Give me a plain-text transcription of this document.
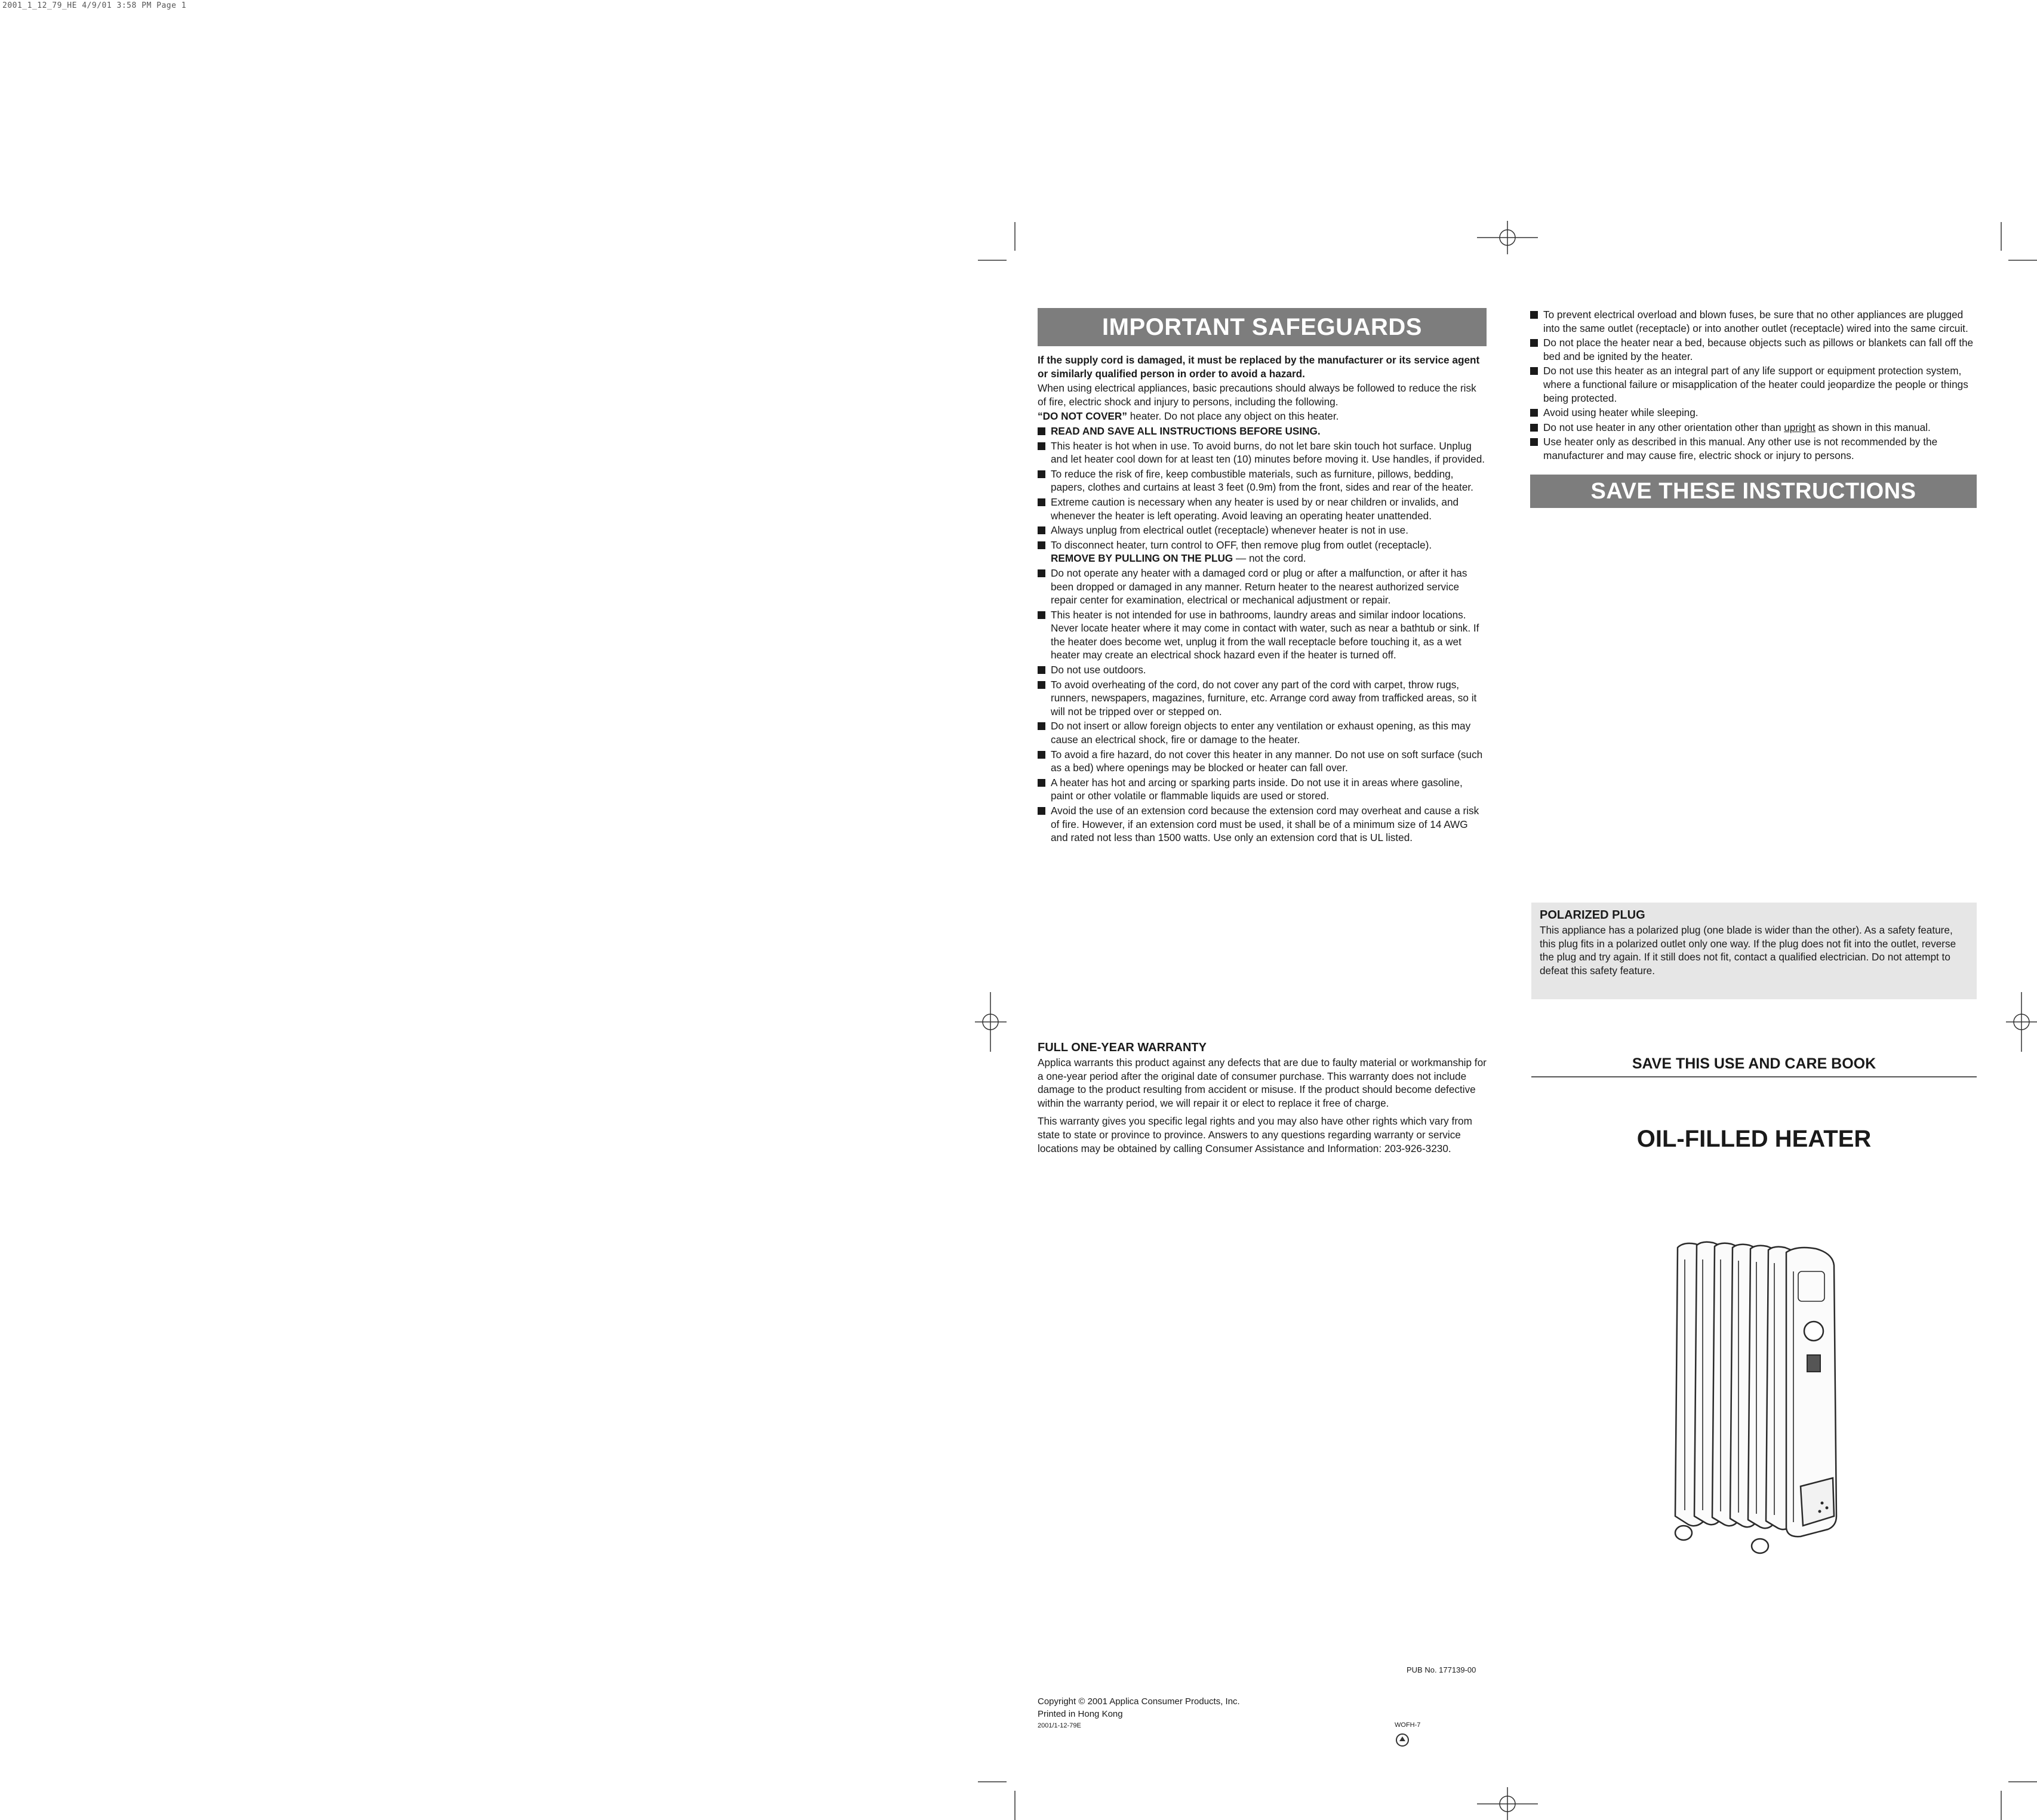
2001_1_12_79_HE 4/9/01 3:58 PM Page 1
IMPORTANT SAFEGUARDS

If the supply cord is damaged, it must be replaced by the manufacturer or its service agent or similarly qualified person in order to avoid a hazard.

When using electrical appliances, basic precautions should always be followed to reduce the risk of fire, electric shock and injury to persons, including the following.

“DO NOT COVER” heater. Do not place any object on this heater.

READ AND SAVE ALL INSTRUCTIONS BEFORE USING.
This heater is hot when in use. To avoid burns, do not let bare skin touch hot surface. Unplug and let heater cool down for at least ten (10) minutes before moving it. Use handles, if provided.
To reduce the risk of fire, keep combustible materials, such as furniture, pillows, bedding, papers, clothes and curtains at least 3 feet (0.9m) from the front, sides and rear of the heater.
Extreme caution is necessary when any heater is used by or near children or invalids, and whenever the heater is left operating. Avoid leaving an operating heater unattended.
Always unplug from electrical outlet (receptacle) whenever heater is not in use.
To disconnect heater, turn control to OFF, then remove plug from outlet (receptacle).
REMOVE BY PULLING ON THE PLUG — not the cord.
Do not operate any heater with a damaged cord or plug or after a malfunction, or after it has been dropped or damaged in any manner. Return heater to the nearest authorized service repair center for examination, electrical or mechanical adjustment or repair.
This heater is not intended for use in bathrooms, laundry areas and similar indoor locations. Never locate heater where it may come in contact with water, such as near a bathtub or sink. If the heater does become wet, unplug it from the wall receptacle before touching it, as a wet heater may create an electrical shock hazard even if the heater is turned off.
Do not use outdoors.
To avoid overheating of the cord, do not cover any part of the cord with carpet, throw rugs, runners, newspapers, magazines, furniture, etc. Arrange cord away from trafficked areas, so it will not be tripped over or stepped on.
Do not insert or allow foreign objects to enter any ventilation or exhaust opening, as this may cause an electrical shock, fire or damage to the heater.
To avoid a fire hazard, do not cover this heater in any manner. Do not use on soft surface (such as a bed) where openings may be blocked or heater can fall over.
A heater has hot and arcing or sparking parts inside. Do not use it in areas where gasoline, paint or other volatile or flammable liquids are used or stored.
Avoid the use of an extension cord because the extension cord may overheat and cause a risk of fire. However, if an extension cord must be used, it shall be of a minimum size of 14 AWG and rated not less than 1500 watts. Use only an extension cord that is UL listed.
To prevent electrical overload and blown fuses, be sure that no other appliances are plugged into the same outlet (receptacle) or into another outlet (receptacle) wired into the same circuit.
Do not place the heater near a bed, because objects such as pillows or blankets can fall off the bed and be ignited by the heater.
Do not use this heater as an integral part of any life support or equipment protection system, where a functional failure or misapplication of the heater could jeopardize the people or things being protected.
Avoid using heater while sleeping.
Do not use heater in any other orientation other than upright as shown in this manual.
Use heater only as described in this manual. Any other use is not recommended by the manufacturer and may cause fire, electric shock or injury to persons.
SAVE THESE INSTRUCTIONS
POLARIZED PLUG
This appliance has a polarized plug (one blade is wider than the other). As a safety feature, this plug fits in a polarized outlet only one way. If the plug does not fit into the outlet, reverse the plug and try again. If it still does not fit, contact a qualified electrician. Do not attempt to defeat this safety feature.
SAVE THIS USE AND CARE BOOK
OIL-FILLED HEATER
FULL ONE-YEAR WARRANTY

Applica warrants this product against any defects that are due to faulty material or workmanship for a one-year period after the original date of consumer purchase. This warranty does not include damage to the product resulting from accident or misuse. If the product should become defective within the warranty period, we will repair it or elect to replace it free of charge.

This warranty gives you specific legal rights and you may also have other rights which vary from state to state or province to province. Answers to any questions regarding warranty or service locations may be obtained by calling Consumer Assistance and Information: 203-926-3230.

PUB No. 177139-00
Copyright © 2001 Applica Consumer Products, Inc.
Printed in Hong Kong
2001/1-12-79E	WOFH-7
